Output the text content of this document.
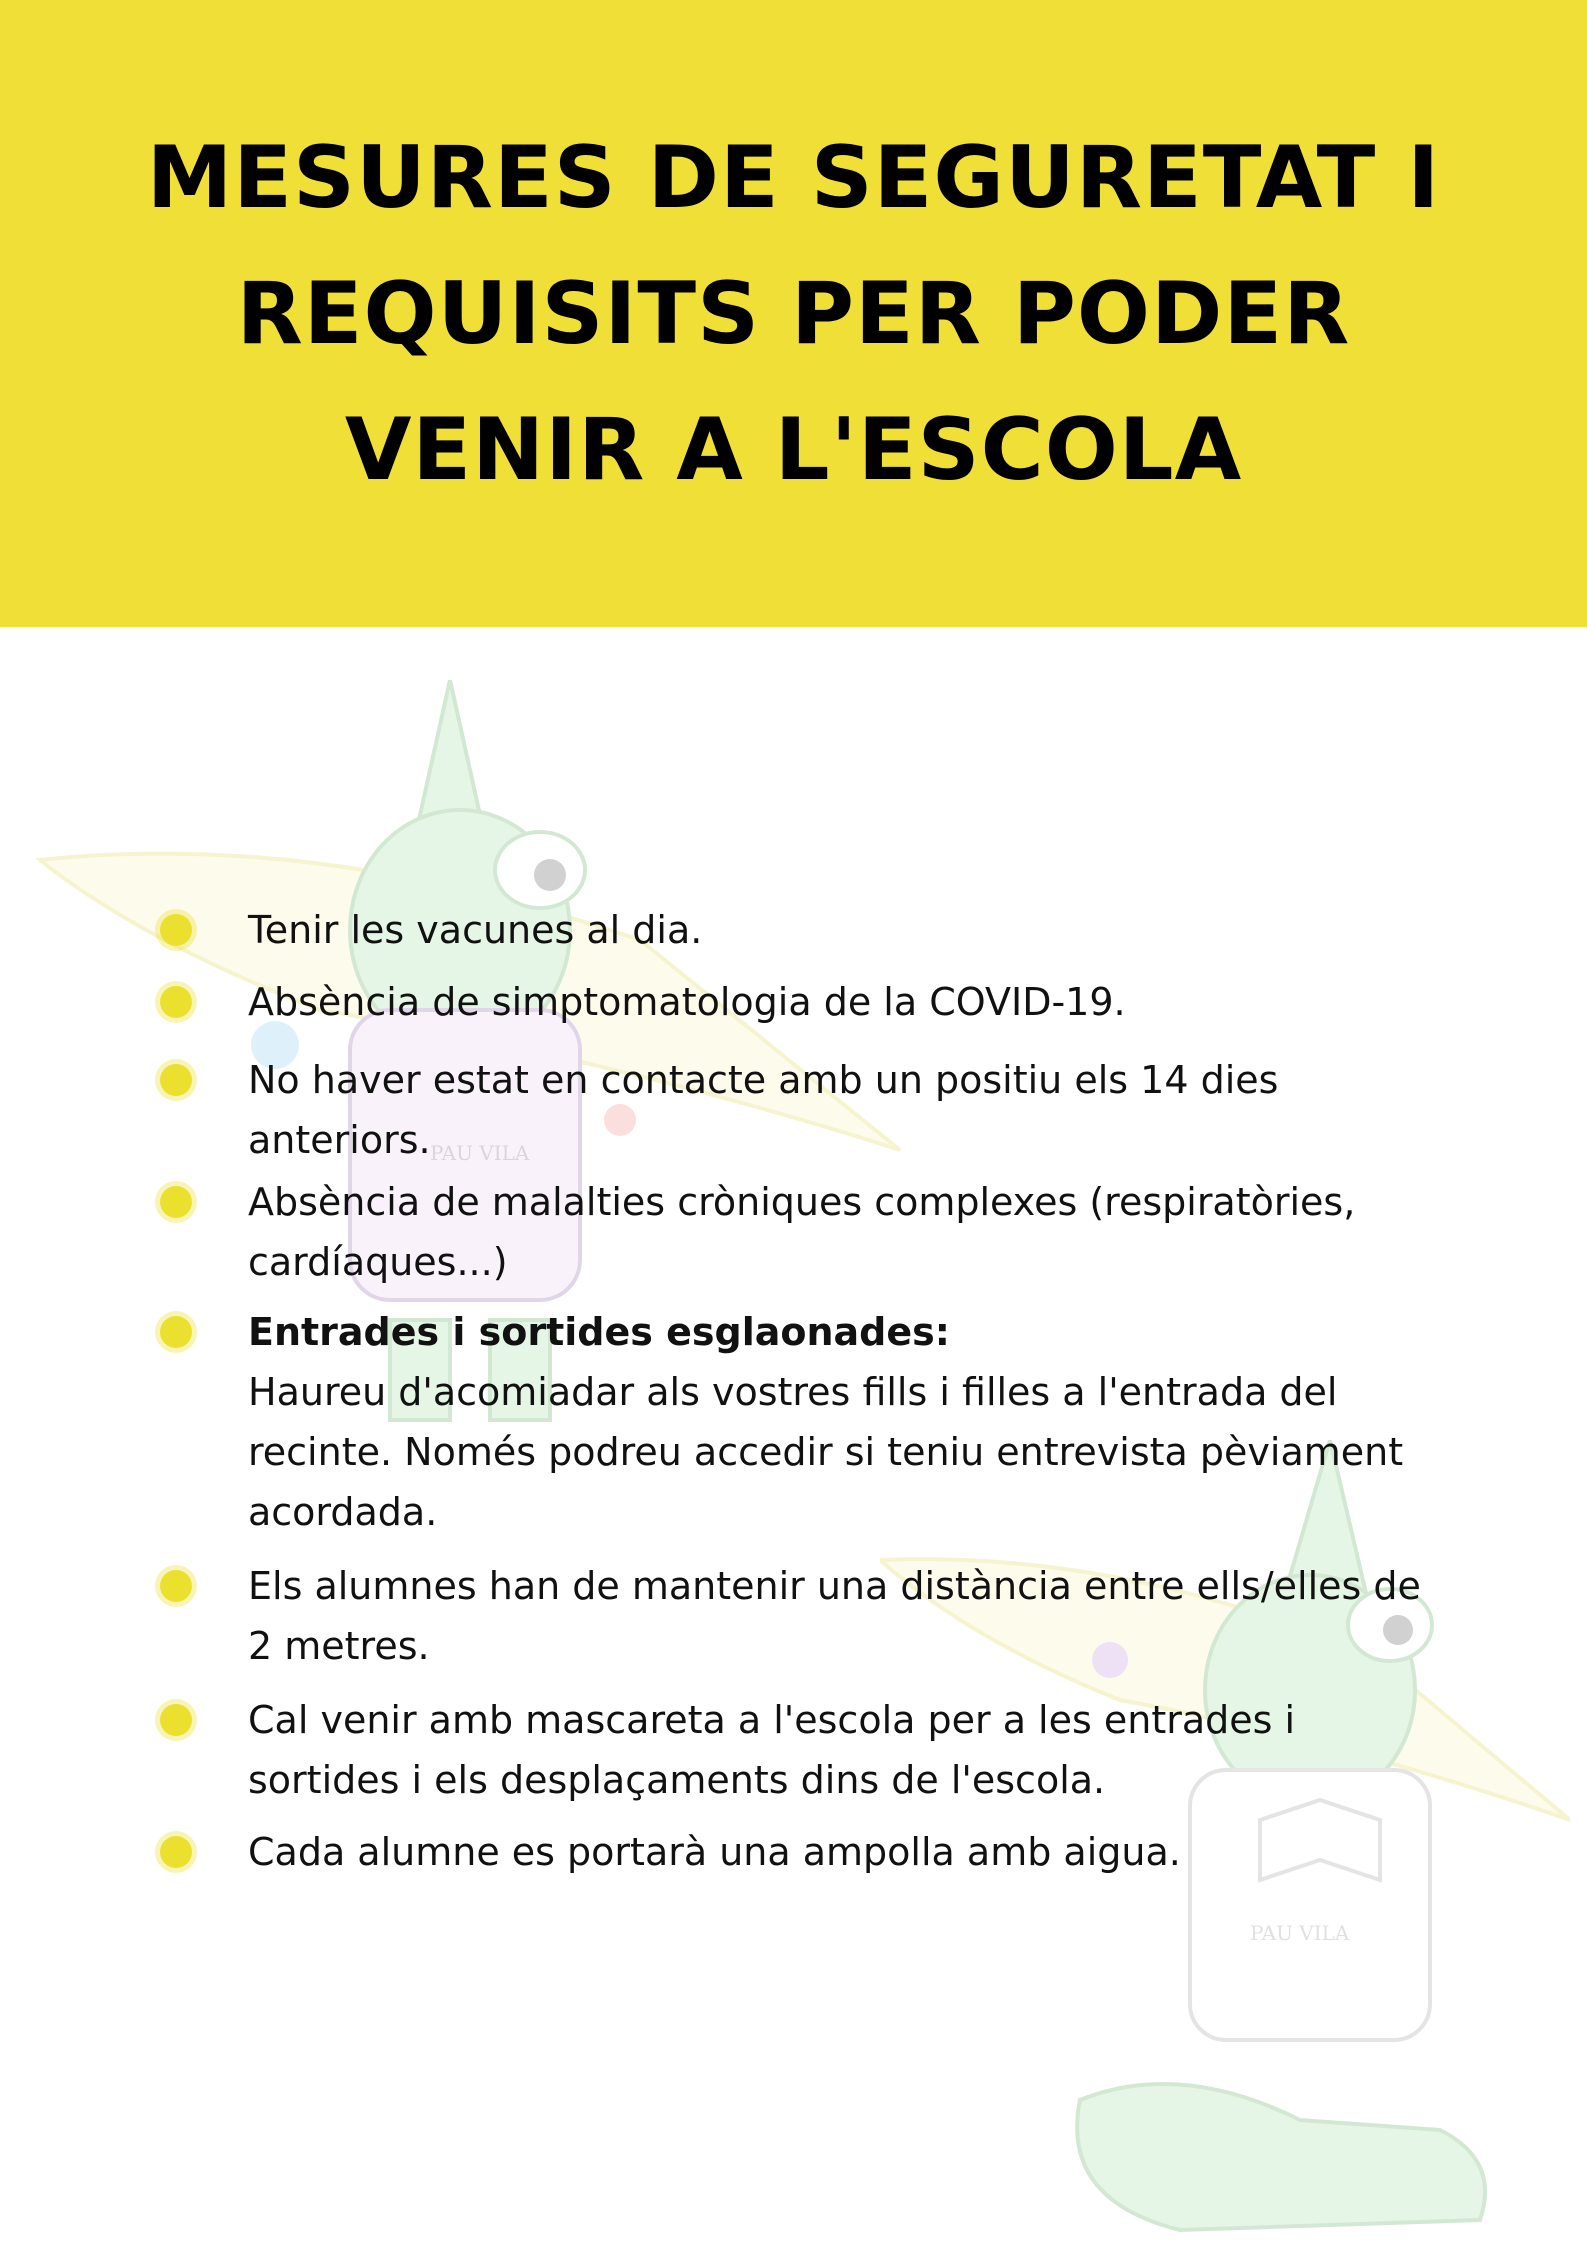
PAU VILA
PAU VILA
MESURES DE SEGURETAT I
REQUISITS PER PODER
VENIR A L'ESCOLA
Tenir les vacunes al dia.
Absència de simptomatologia de la COVID-19.
No haver estat en contacte amb un positiu els 14 dies anteriors.
Absència de malalties cròniques complexes (respiratòries, cardíaques...)
Entrades i sortides esglaonades:
Haureu d'acomiadar als vostres fills i filles a l'entrada del recinte. Només podreu accedir si teniu entrevista pèviament acordada.
Els alumnes han de mantenir una distància entre ells/elles de 2 metres.
Cal venir amb mascareta a l'escola per a les entrades i sortides i els desplaçaments dins de l'escola.
Cada alumne es portarà una ampolla amb aigua.
